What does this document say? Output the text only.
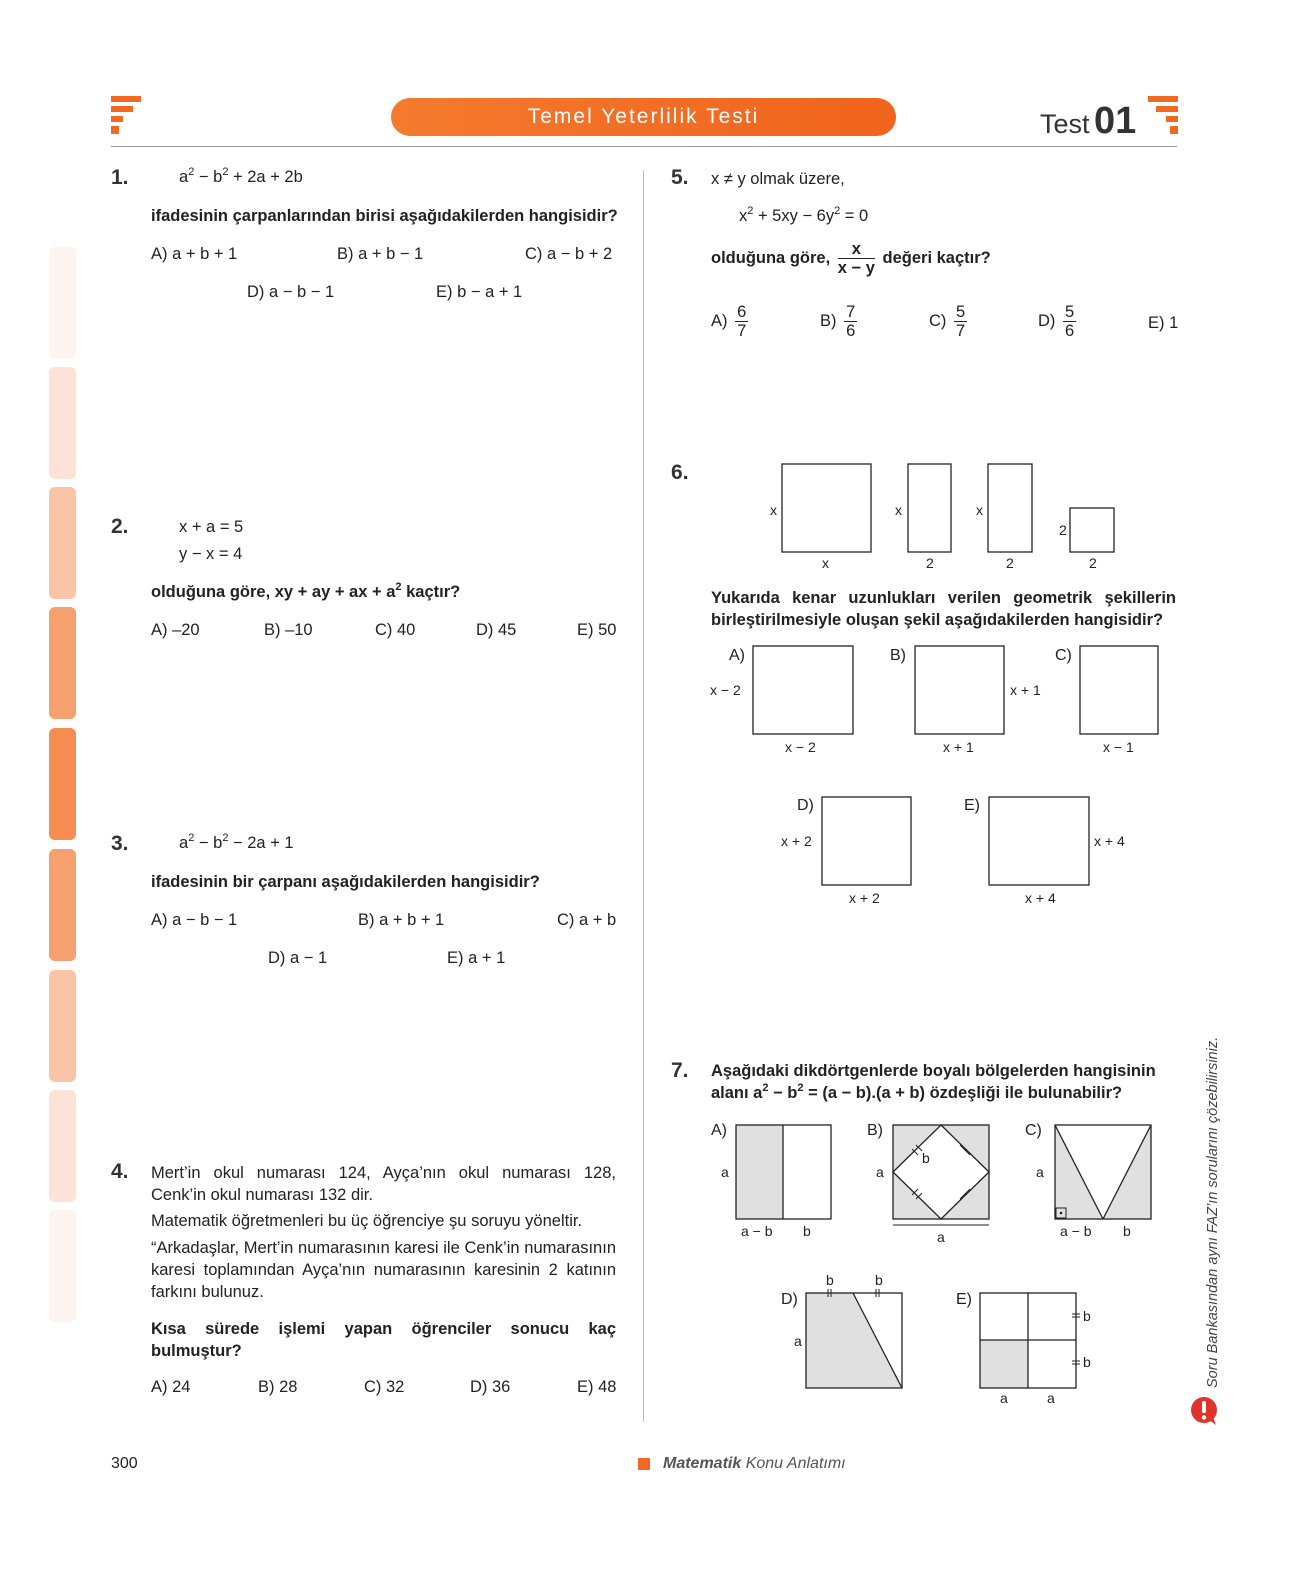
Temel Yeterlilik Testi	Test 01
1.	$a^2 - b^2 + 2a + 2b$
ifadesinin çarpanlarından birisi aşağıdakilerden hangisidir?
A) a + b + 1	B) a + b − 1	C) a − b + 2
D) a − b − 1	E) b − a + 1
2.	x + a = 5
y − x = 4
olduğuna göre, xy + ay + ax + $a^2$ kaçtır?
A) –20	B) –10	C) 40	D) 45	E) 50
3.	$a^2 - b^2 - 2a + 1$
ifadesinin bir çarpanı aşağıdakilerden hangisidir?
A) a − b − 1	B) a + b + 1	C) a + b
D) a − 1	E) a + 1
4. Mert’in okul numarası 124, Ayça’nın okul numarası 128, Cenk’in okul numarası 132 dir.
Matematik öğretmenleri bu üç öğrenciye şu soruyu yöneltir.
“Arkadaşlar, Mert’in numarasının karesi ile Cenk’in numarasının karesi toplamından Ayça’nın numarasının karesinin 2 katının farkını bulunuz.
Kısa sürede işlemi yapan öğrenciler sonucu kaç bulmuştur?
A) 24	B) 28	C) 32	D) 36	E) 48
5. x ≠ y olmak üzere,
$x^2 + 5xy - 6y^2 = 0$
olduğuna göre, $\frac{x}{x - y}$ değeri kaçtır?
$A) \frac{6}{7}$	$B) \frac{7}{6}$	$C) \frac{5}{7}$	$D) \frac{5}{6}$	E) 1
6.
x
x
x
2
x
2
2
2
Yukarıda kenar uzunlukları verilen geometrik şekillerin birleştirilmesiyle oluşan şekil aşağıdakilerden hangisidir?
A)
x − 2
x − 2
B)
x + 1
x + 1
C)
x − 1
D)
x + 2
x + 2
E)
x + 4
x + 4
7. Aşağıdaki dikdörtgenlerde boyalı bölgelerden hangisinin
alanı $a^2 - b^2 = (a - b).(a + b)$ özdeşliği ile bulunabilir?
A)
a
a − b b
B)
a
b
a
C)
a
a − b b
D)
a
b	b
E)
b
b
a	a
Soru Bankasından aynı FAZ’ın sorularını çözebilirsiniz.
300	Matematik Konu Anlatımı
